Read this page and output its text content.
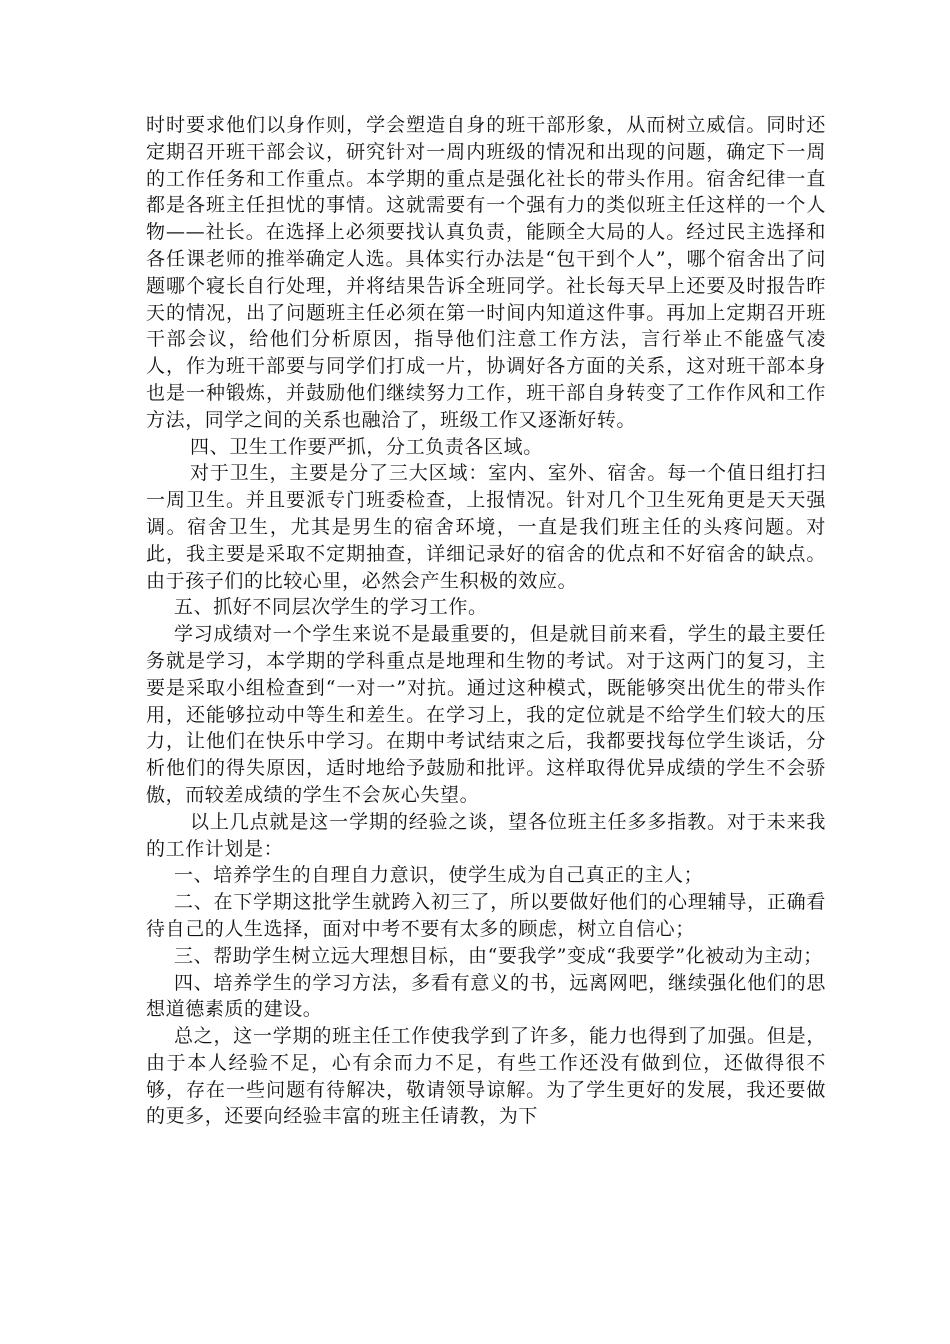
时时要求他们以身作则，学会塑造自身的班干部形象，从而树立威信。同时还定期召开班干部会议，研究针对一周内班级的情况和出现的问题，确定下一周的工作任务和工作重点。本学期的重点是强化社长的带头作用。宿舍纪律一直都是各班主任担忧的事情。这就需要有一个强有力的类似班主任这样的一个人物——社长。在选择上必须要找认真负责，能顾全大局的人。经过民主选择和各任课老师的推举确定人选。具体实行办法是“包干到个人”，哪个宿舍出了问题哪个寝长自行处理，并将结果告诉全班同学。社长每天早上还要及时报告昨天的情况，出了问题班主任必须在第一时间内知道这件事。再加上定期召开班干部会议，给他们分析原因，指导他们注意工作方法，言行举止不能盛气凌人，作为班干部要与同学们打成一片，协调好各方面的关系，这对班干部本身也是一种锻炼，并鼓励他们继续努力工作，班干部自身转变了工作作风和工作方法，同学之间的关系也融洽了，班级工作又逐渐好转。

四、卫生工作要严抓，分工负责各区域。

对于卫生，主要是分了三大区域：室内、室外、宿舍。每一个值日组打扫一周卫生。并且要派专门班委检查，上报情况。针对几个卫生死角更是天天强调。宿舍卫生，尤其是男生的宿舍环境，一直是我们班主任的头疼问题。对此，我主要是采取不定期抽查，详细记录好的宿舍的优点和不好宿舍的缺点。由于孩子们的比较心里，必然会产生积极的效应。

五、抓好不同层次学生的学习工作。

学习成绩对一个学生来说不是最重要的，但是就目前来看，学生的最主要任务就是学习，本学期的学科重点是地理和生物的考试。对于这两门的复习，主要是采取小组检查到“一对一”对抗。通过这种模式，既能够突出优生的带头作用，还能够拉动中等生和差生。在学习上，我的定位就是不给学生们较大的压力，让他们在快乐中学习。在期中考试结束之后，我都要找每位学生谈话，分析他们的得失原因，适时地给予鼓励和批评。这样取得优异成绩的学生不会骄傲，而较差成绩的学生不会灰心失望。

以上几点就是这一学期的经验之谈，望各位班主任多多指教。对于未来我的工作计划是：

一、培养学生的自理自力意识，使学生成为自己真正的主人；

二、在下学期这批学生就跨入初三了，所以要做好他们的心理辅导，正确看待自己的人生选择，面对中考不要有太多的顾虑，树立自信心；

三、帮助学生树立远大理想目标，由“要我学”变成“我要学”化被动为主动；

四、培养学生的学习方法，多看有意义的书，远离网吧，继续强化他们的思想道德素质的建设。

总之，这一学期的班主任工作使我学到了许多，能力也得到了加强。但是，由于本人经验不足，心有余而力不足，有些工作还没有做到位，还做得很不够，存在一些问题有待解决，敬请领导谅解。为了学生更好的发展，我还要做的更多，还要向经验丰富的班主任请教，为下
